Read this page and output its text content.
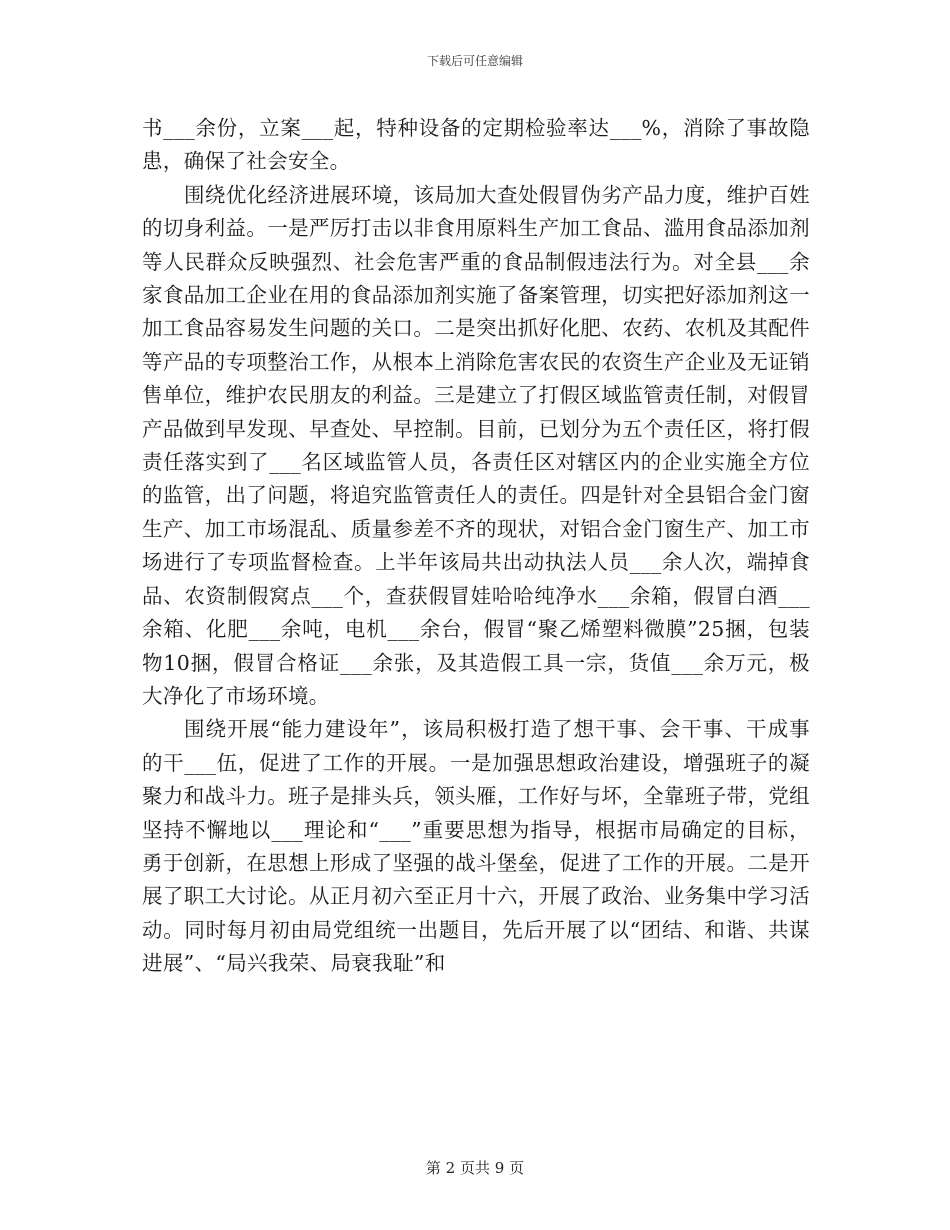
下载后可任意编辑

书___余份，立案___起，特种设备的定期检验率达___%，消除了事故隐患，确保了社会安全。

围绕优化经济进展环境，该局加大查处假冒伪劣产品力度，维护百姓的切身利益。一是严厉打击以非食用原料生产加工食品、滥用食品添加剂等人民群众反映强烈、社会危害严重的食品制假违法行为。对全县___余家食品加工企业在用的食品添加剂实施了备案管理，切实把好添加剂这一加工食品容易发生问题的关口。二是突出抓好化肥、农药、农机及其配件等产品的专项整治工作，从根本上消除危害农民的农资生产企业及无证销售单位，维护农民朋友的利益。三是建立了打假区域监管责任制，对假冒产品做到早发现、早查处、早控制。目前，已划分为五个责任区，将打假责任落实到了___名区域监管人员，各责任区对辖区内的企业实施全方位的监管，出了问题，将追究监管责任人的责任。四是针对全县铝合金门窗生产、加工市场混乱、质量参差不齐的现状，对铝合金门窗生产、加工市场进行了专项监督检查。上半年该局共出动执法人员___余人次，端掉食品、农资制假窝点___个，查获假冒娃哈哈纯净水___余箱，假冒白酒___余箱、化肥___余吨，电机___余台，假冒“聚乙烯塑料微膜”25捆，包装物10捆，假冒合格证___余张，及其造假工具一宗，货值___余万元，极大净化了市场环境。

围绕开展“能力建设年”，该局积极打造了想干事、会干事、干成事的干___伍，促进了工作的开展。一是加强思想政治建设，增强班子的凝聚力和战斗力。班子是排头兵，领头雁，工作好与坏，全靠班子带，党组坚持不懈地以___理论和“___”重要思想为指导，根据市局确定的目标，勇于创新，在思想上形成了坚强的战斗堡垒，促进了工作的开展。二是开展了职工大讨论。从正月初六至正月十六，开展了政治、业务集中学习活动。同时每月初由局党组统一出题目，先后开展了以“团结、和谐、共谋进展”、“局兴我荣、局衰我耻”和

第 2 页共 9 页
